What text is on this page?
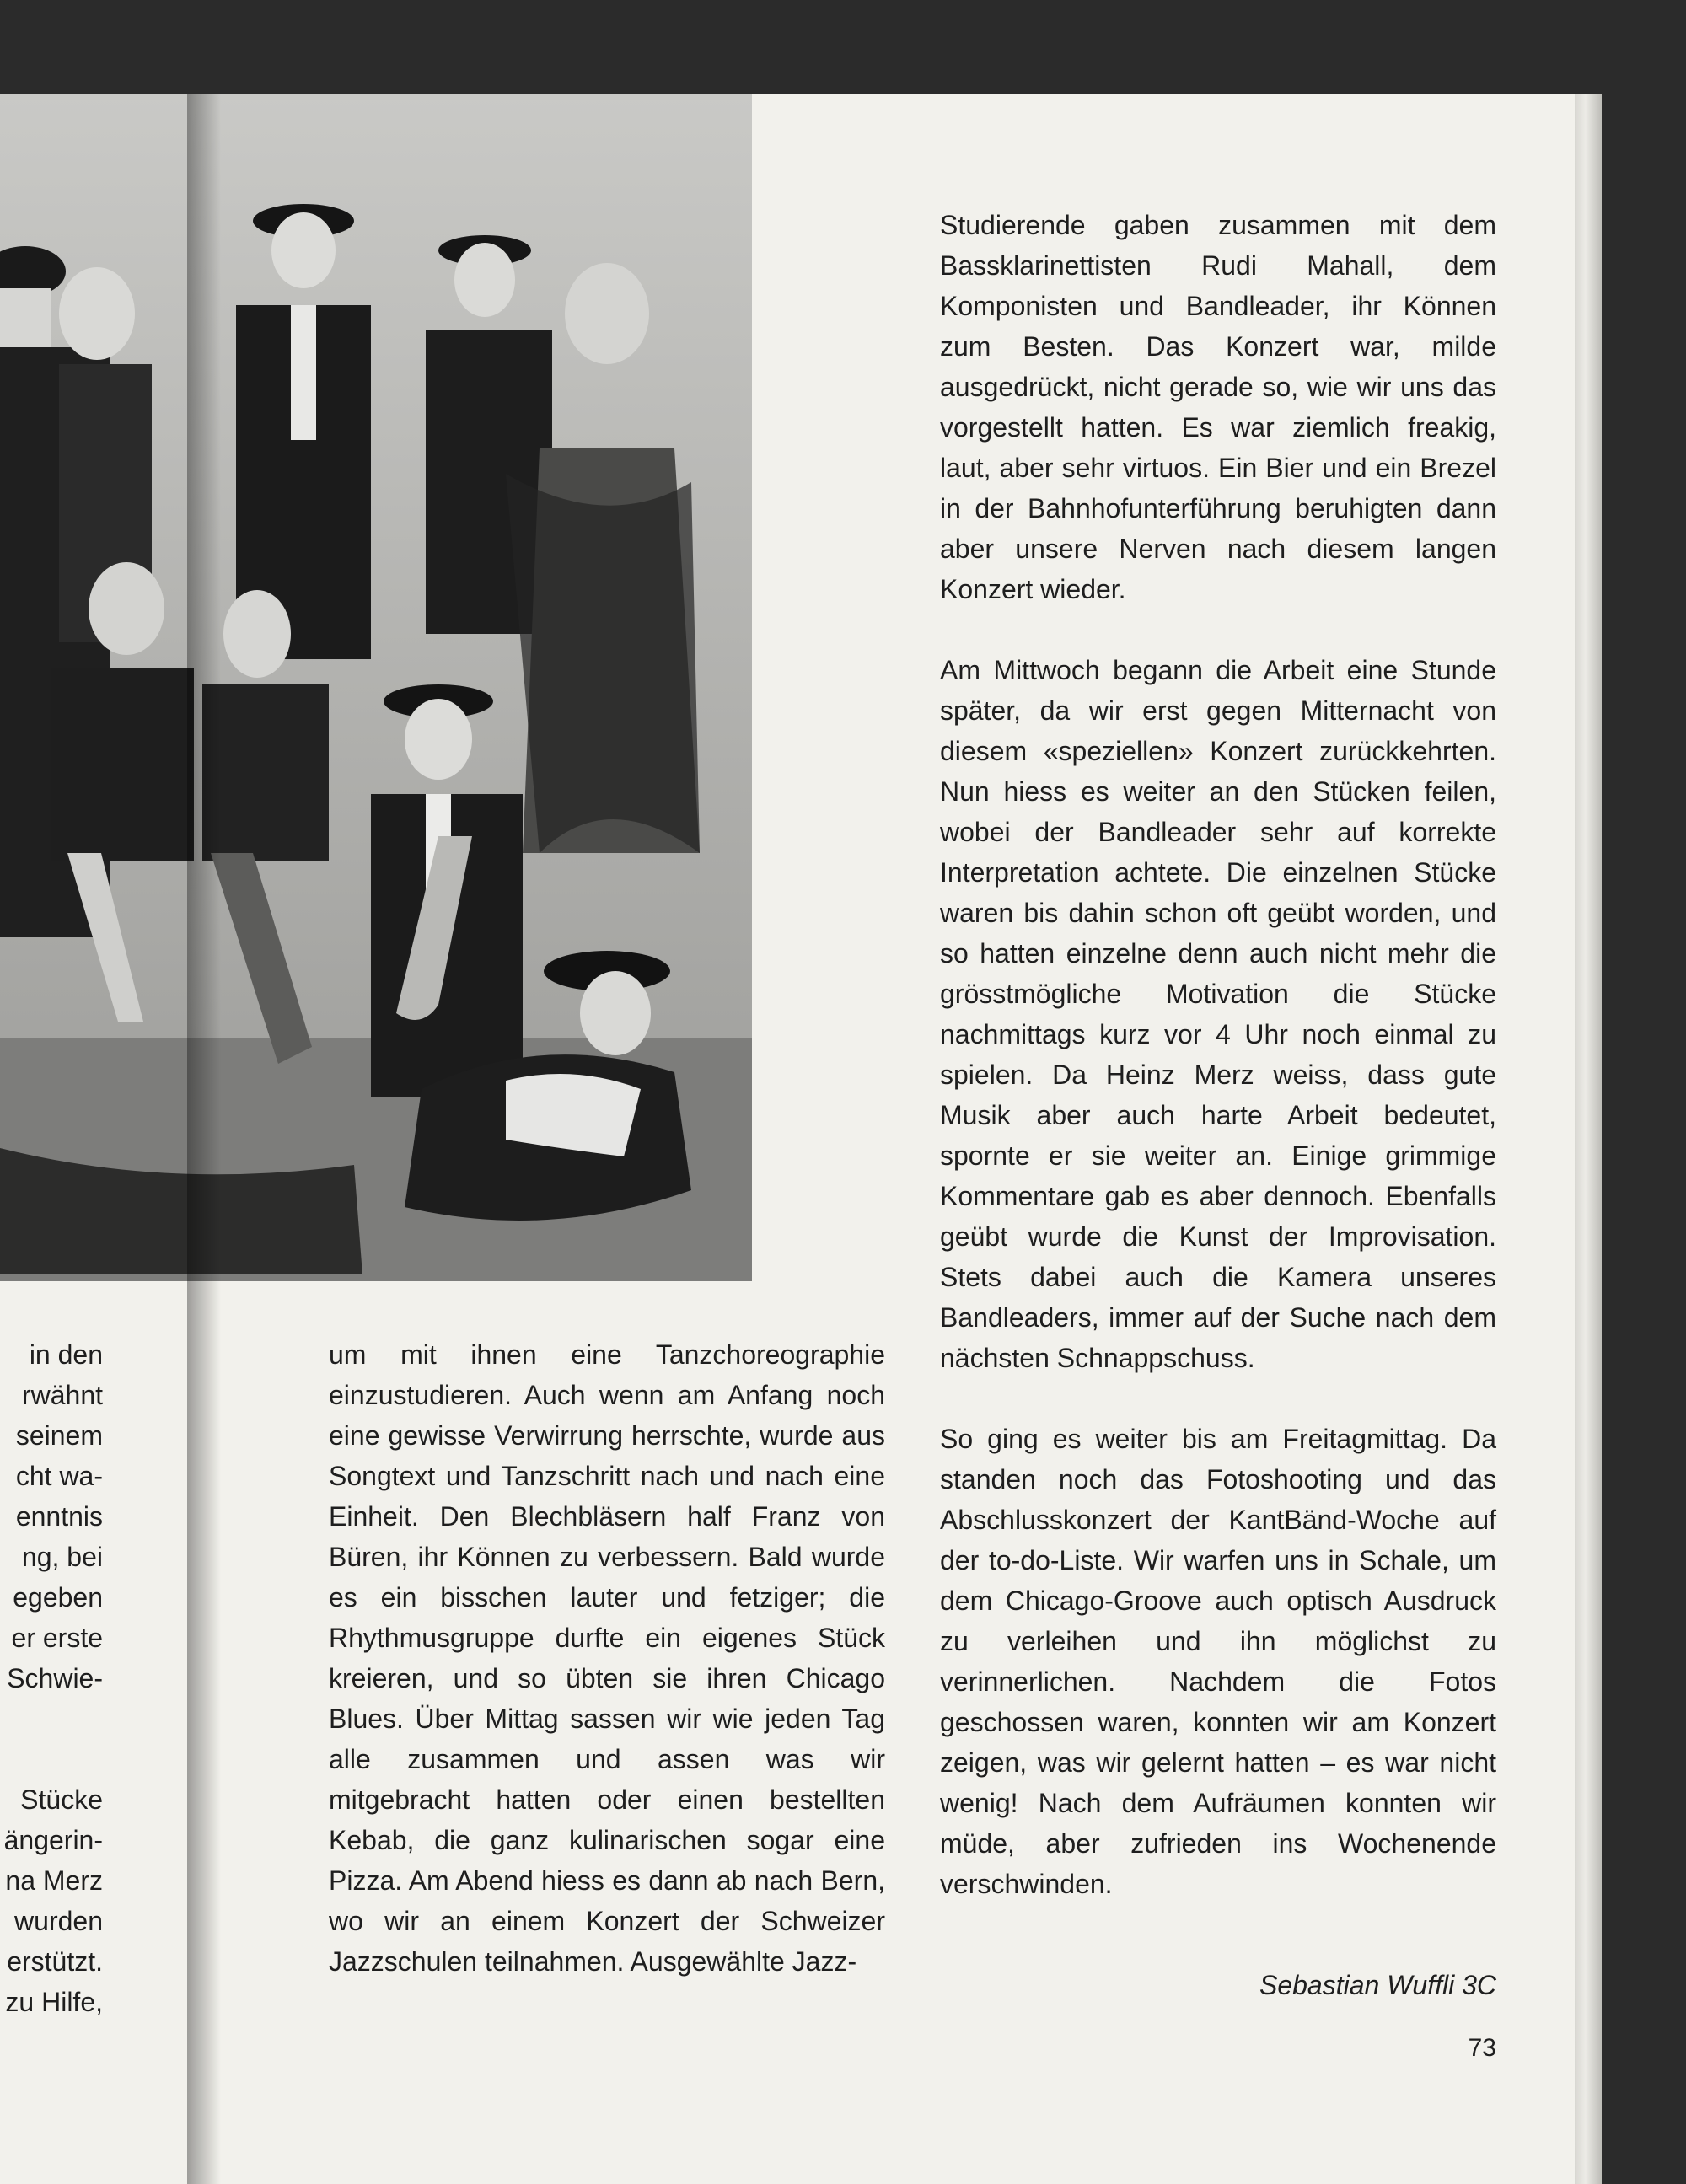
in den
rwähnt
seinem
cht wa-
enntnis
ng, bei
egeben
er erste
Schwie-
Stücke
ängerin-
na Merz
wurden
erstützt.
zu Hilfe,

um mit ihnen eine Tanzchoreographie einzustudieren. Auch wenn am Anfang noch eine gewisse Verwirrung herrschte, wurde aus Songtext und Tanzschritt nach und nach eine Einheit. Den Blechbläsern half Franz von Büren, ihr Können zu verbessern. Bald wurde es ein bisschen lauter und fetziger; die Rhythmusgruppe durfte ein eigenes Stück kreieren, und so übten sie ihren Chicago Blues. Über Mittag sassen wir wie jeden Tag alle zusammen und assen was wir mitgebracht hatten oder einen bestellten Kebab, die ganz kulinarischen sogar eine Pizza. Am Abend hiess es dann ab nach Bern, wo wir an einem Konzert der Schweizer Jazzschulen teilnahmen. Ausgewählte Jazz-

Studierende gaben zusammen mit dem Bassklarinettisten Rudi Mahall, dem Komponisten und Bandleader, ihr Können zum Besten. Das Konzert war, milde ausgedrückt, nicht gerade so, wie wir uns das vorgestellt hatten. Es war ziemlich freakig, laut, aber sehr virtuos. Ein Bier und ein Brezel in der Bahnhofunterführung beruhigten dann aber unsere Nerven nach diesem langen Konzert wieder.

Am Mittwoch begann die Arbeit eine Stunde später, da wir erst gegen Mitternacht von diesem «speziellen» Konzert zurückkehrten. Nun hiess es weiter an den Stücken feilen, wobei der Bandleader sehr auf korrekte Interpretation achtete. Die einzelnen Stücke waren bis dahin schon oft geübt worden, und so hatten einzelne denn auch nicht mehr die grösstmögliche Motivation die Stücke nachmittags kurz vor 4 Uhr noch einmal zu spielen. Da Heinz Merz weiss, dass gute Musik aber auch harte Arbeit bedeutet, spornte er sie weiter an. Einige grimmige Kommentare gab es aber dennoch. Ebenfalls geübt wurde die Kunst der Improvisation. Stets dabei auch die Kamera unseres Bandleaders, immer auf der Suche nach dem nächsten Schnappschuss.

So ging es weiter bis am Freitagmittag. Da standen noch das Fotoshooting und das Abschlusskonzert der KantBänd-Woche auf der to-do-Liste. Wir warfen uns in Schale, um dem Chicago-Groove auch optisch Ausdruck zu verleihen und ihn möglichst zu verinnerlichen. Nachdem die Fotos geschossen waren, konnten wir am Konzert zeigen, was wir gelernt hatten – es war nicht wenig! Nach dem Aufräumen konnten wir müde, aber zufrieden ins Wochenende verschwinden.

Sebastian Wuffli 3C
73
